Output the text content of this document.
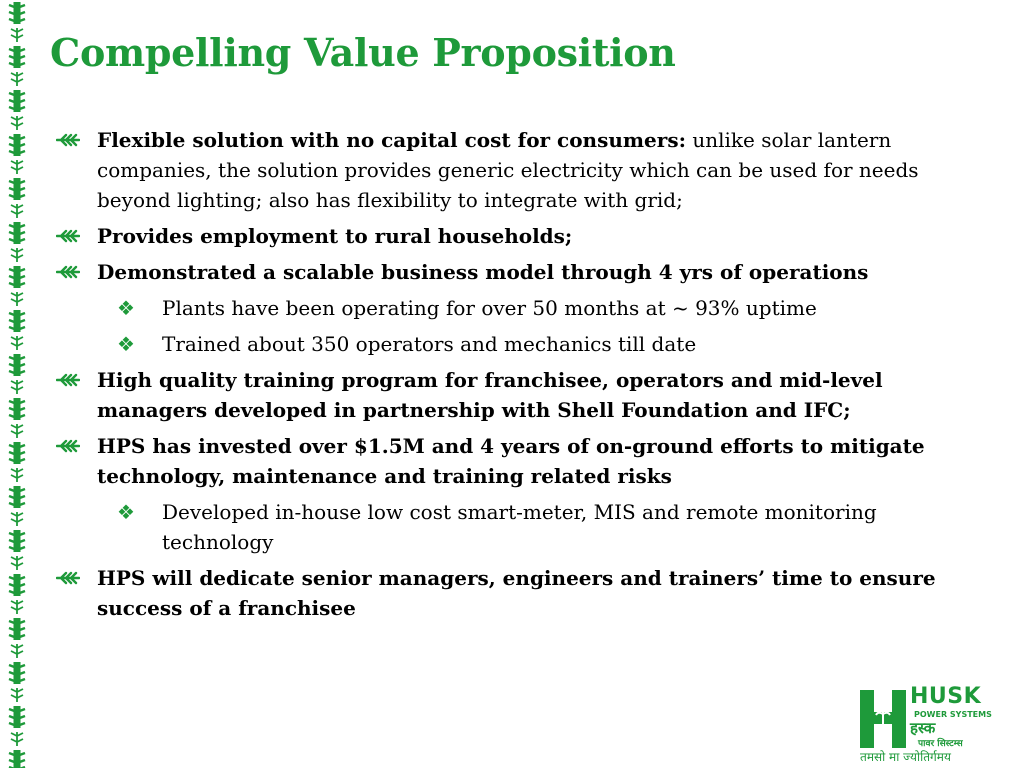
Compelling Value Proposition
Flexible solution with no capital cost for consumers: unlike solar lantern companies, the solution provides generic electricity which can be used for needs beyond lighting; also has flexibility to integrate with grid;
Provides employment to rural households;
Demonstrated a scalable business model through 4 yrs of operations
❖ Plants have been operating for over 50 months at ~ 93% uptime
❖ Trained about 350 operators and mechanics till date
High quality training program for franchisee, operators and mid-level managers developed in partnership with Shell Foundation and IFC;
HPS has invested over $1.5M and 4 years of on-ground efforts to mitigate technology, maintenance and training related risks
❖ Developed in-house low cost smart-meter, MIS and remote monitoring technology
HPS will dedicate senior managers, engineers and trainers’ time to ensure success of a franchisee
HUSK
POWER SYSTEMS
हस्क
पावर सिस्टम्स
तमसो मा ज्योतिर्गमय
